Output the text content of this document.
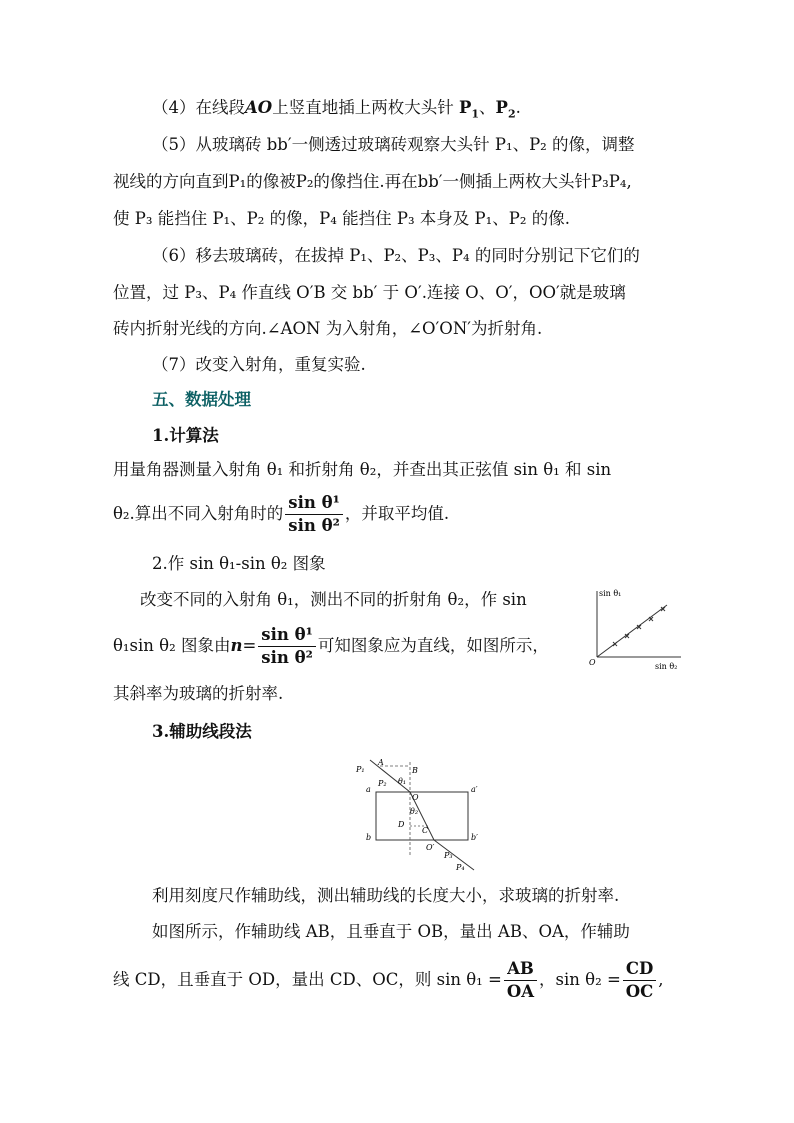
（4）在线段AO上竖直地插上两枚大头针 $P_1$、$P_2$.
（5）从玻璃砖 bb′一侧透过玻璃砖观察大头针 P₁、P₂ 的像，调整
视线的方向直到P₁的像被P₂的像挡住.再在bb′一侧插上两枚大头针P₃P₄,
使 P₃ 能挡住 P₁、P₂ 的像，P₄ 能挡住 P₃ 本身及 P₁、P₂ 的像.
（6）移去玻璃砖，在拔掉 P₁、P₂、P₃、P₄ 的同时分别记下它们的
位置，过 P₃、P₄ 作直线 O′B 交 bb′ 于 O′.连接 O、O′，OO′就是玻璃
砖内折射光线的方向.∠AON 为入射角，∠O′ON′为折射角.
（7）改变入射角，重复实验.
五、数据处理
1.计算法
用量角器测量入射角 θ₁ 和折射角 θ₂，并查出其正弦值 sin θ₁ 和 sin
θ₂.算出不同入射角时的 $\frac{\text{sin θ¹}}{\text{sin θ²}}$ ，并取平均值.
2.作 sin θ₁-sin θ₂ 图象
改变不同的入射角 θ₁，测出不同的折射角 θ₂，作 sin
θ₁sin θ₂ 图象由$n= \frac{\text{sin θ¹}}{\text{sin θ²}}$ 可知图象应为直线，如图所示，
其斜率为玻璃的折射率.
sin θ₁
sin θ₂
O
3.辅助线段法
P₁
A
B
P₂ θ₁
a
O
a′
θ₂
D
C
b	b′
O′
P₃
P₄
利用刻度尺作辅助线，测出辅助线的长度大小，求玻璃的折射率.
如图所示，作辅助线 AB，且垂直于 OB，量出 AB、OA，作辅助
线 CD，且垂直于 OD，量出 CD、OC，则 $\sin \theta_1 = \frac{AB}{OA}$ ，$\sin \theta_2 = \frac{CD}{OC}$ ,
